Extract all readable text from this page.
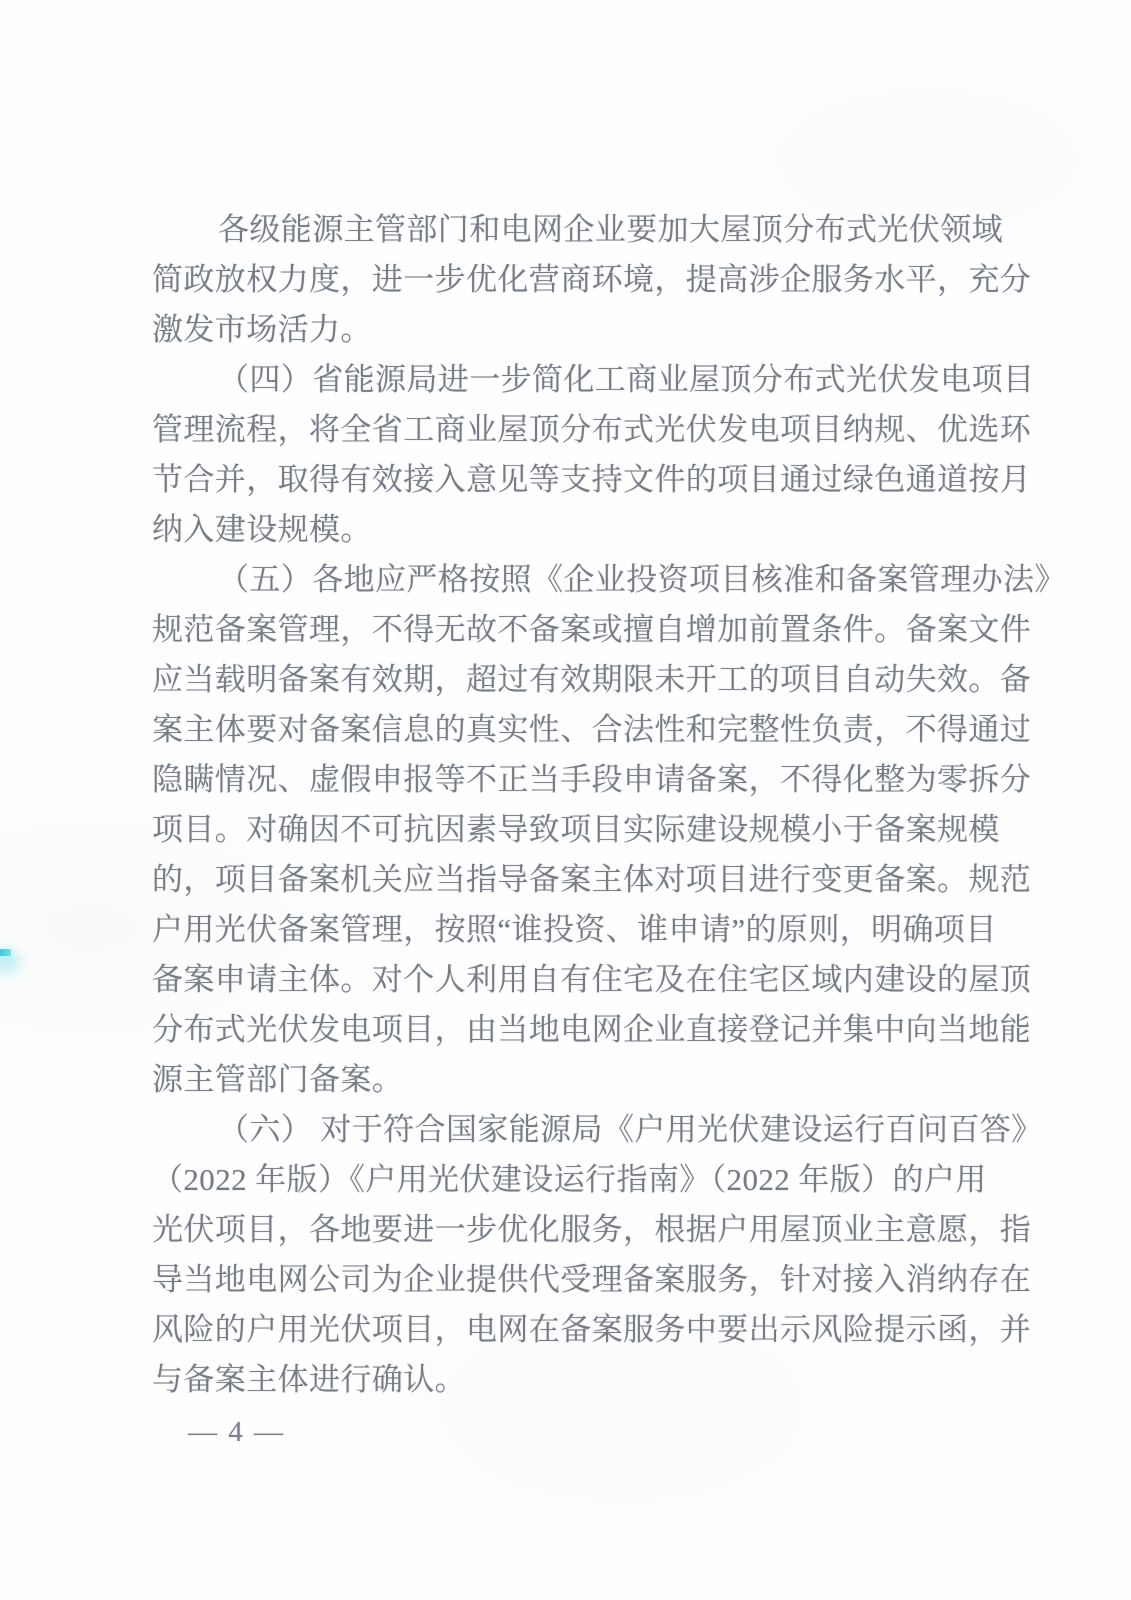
各级能源主管部门和电网企业要加大屋顶分布式光伏领域
简政放权力度，进一步优化营商环境，提高涉企服务水平，充分
激发市场活力。
（四）省能源局进一步简化工商业屋顶分布式光伏发电项目
管理流程，将全省工商业屋顶分布式光伏发电项目纳规、优选环
节合并，取得有效接入意见等支持文件的项目通过绿色通道按月
纳入建设规模。
（五）各地应严格按照《企业投资项目核准和备案管理办法》
规范备案管理，不得无故不备案或擅自增加前置条件。备案文件
应当载明备案有效期，超过有效期限未开工的项目自动失效。备
案主体要对备案信息的真实性、合法性和完整性负责，不得通过
隐瞒情况、虚假申报等不正当手段申请备案，不得化整为零拆分
项目。对确因不可抗因素导致项目实际建设规模小于备案规模
的，项目备案机关应当指导备案主体对项目进行变更备案。规范
户用光伏备案管理，按照“谁投资、谁申请”的原则，明确项目
备案申请主体。对个人利用自有住宅及在住宅区域内建设的屋顶
分布式光伏发电项目，由当地电网企业直接登记并集中向当地能
源主管部门备案。
（六） 对于符合国家能源局《户用光伏建设运行百问百答》
（2022 年版）《户用光伏建设运行指南》（2022 年版）的户用
光伏项目，各地要进一步优化服务，根据户用屋顶业主意愿，指
导当地电网公司为企业提供代受理备案服务，针对接入消纳存在
风险的户用光伏项目，电网在备案服务中要出示风险提示函，并
与备案主体进行确认。
— 4 —
